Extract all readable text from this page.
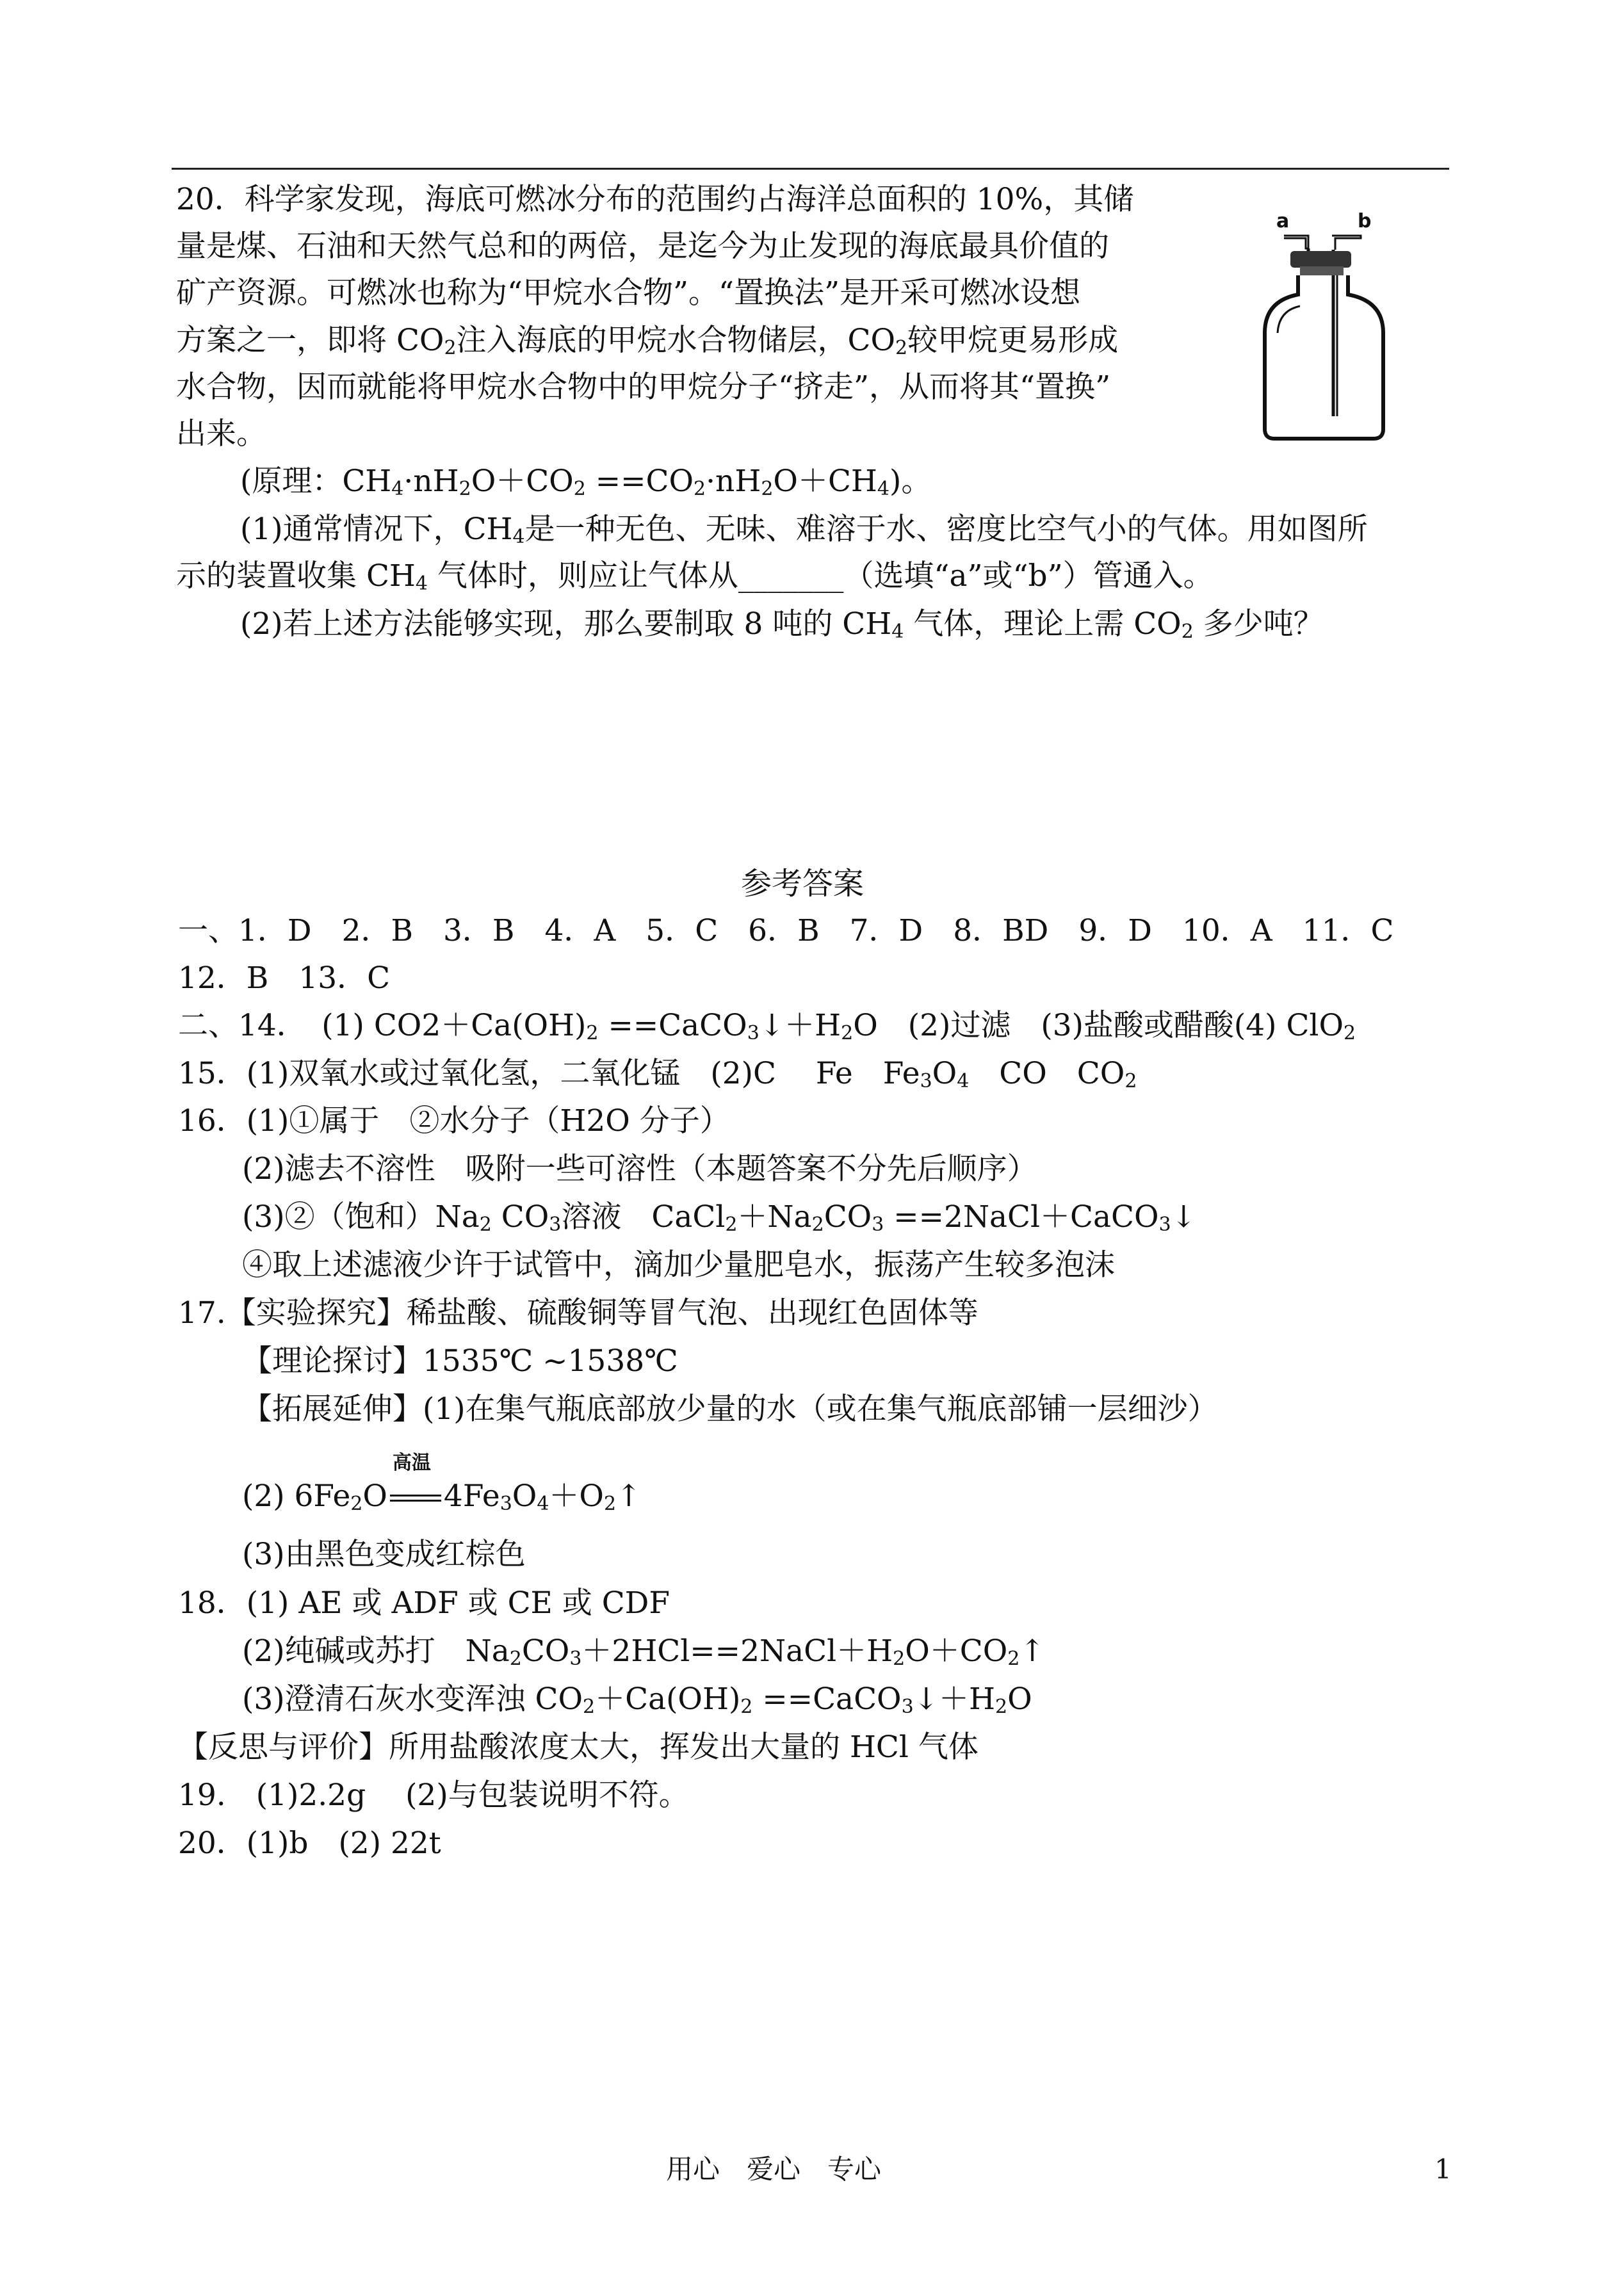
20．科学家发现，海底可燃冰分布的范围约占海洋总面积的 10%，其储
量是煤、石油和天然气总和的两倍，是迄今为止发现的海底最具价值的
矿产资源。可燃冰也称为“甲烷水合物”。“置换法”是开采可燃冰设想
方案之一，即将 $CO_2$注入海底的甲烷水合物储层，$CO_2$较甲烷更易形成
水合物，因而就能将甲烷水合物中的甲烷分子“挤走”，从而将其“置换”
出来。
(原理：$CH_4\cdot nH_2O+CO_2 ==CO_2\cdot nH_2O+CH_4$)。
(1)通常情况下，$CH_4$是一种无色、无味、难溶于水、密度比空气小的气体。用如图所
示的装置收集 $CH_4$ 气体时，则应让气体从_______（选填“a”或“b”）管通入。
(2)若上述方法能够实现，那么要制取 8 吨的 $CH_4$ 气体，理论上需 $CO_2$ 多少吨？
a	b
参考答案
一、1．D　2．B　3．B　4．A　5．C　6．B　7．D　8．BD　9．D　10．A　11．C
12．B　13．C
二、14．　(1) $CO2+Ca(OH)_2$ $==CaCO_3↓+H_2O$　(2)过滤　(3)盐酸或醋酸(4) ClO$_2$
15．(1)双氧水或过氧化氢，二氧化锰　(2)C　 Fe　$Fe_3O_4$　CO　$CO_2$
16．(1)①属于　②水分子（H2O 分子）
(2)滤去不溶性　吸附一些可溶性（本题答案不分先后顺序）
(3)②（饱和）$Na_2$ $CO_3$溶液　$CaCl_2+Na_2CO_3$ ==2NaCl＋CaCO$_3$↓
④取上述滤液少许于试管中，滴加少量肥皂水，振荡产生较多泡沫
17.【实验探究】稀盐酸、硫酸铜等冒气泡、出现红色固体等
【理论探讨】1535℃ ~1538℃
【拓展延伸】(1)在集气瓶底部放少量的水（或在集气瓶底部铺一层细沙）
(2) $6Fe_2O$
高温
$4Fe_3O_4+O_2↑$
(3)由黑色变成红棕色
18．(1) AE 或 ADF 或 CE 或 CDF
(2)纯碱或苏打　$Na_2CO_3+2HCl==2NaCl+H_2O+CO_2↑$
(3)澄清石灰水变浑浊 $CO_2+Ca(OH)_2$ $==CaCO_3↓+H_2O$
【反思与评价】所用盐酸浓度太大，挥发出大量的 HCl 气体
19.　(1)2.2g　 (2)与包装说明不符。
20．(1)b　(2) 22t
用心　爱心　专心	1
